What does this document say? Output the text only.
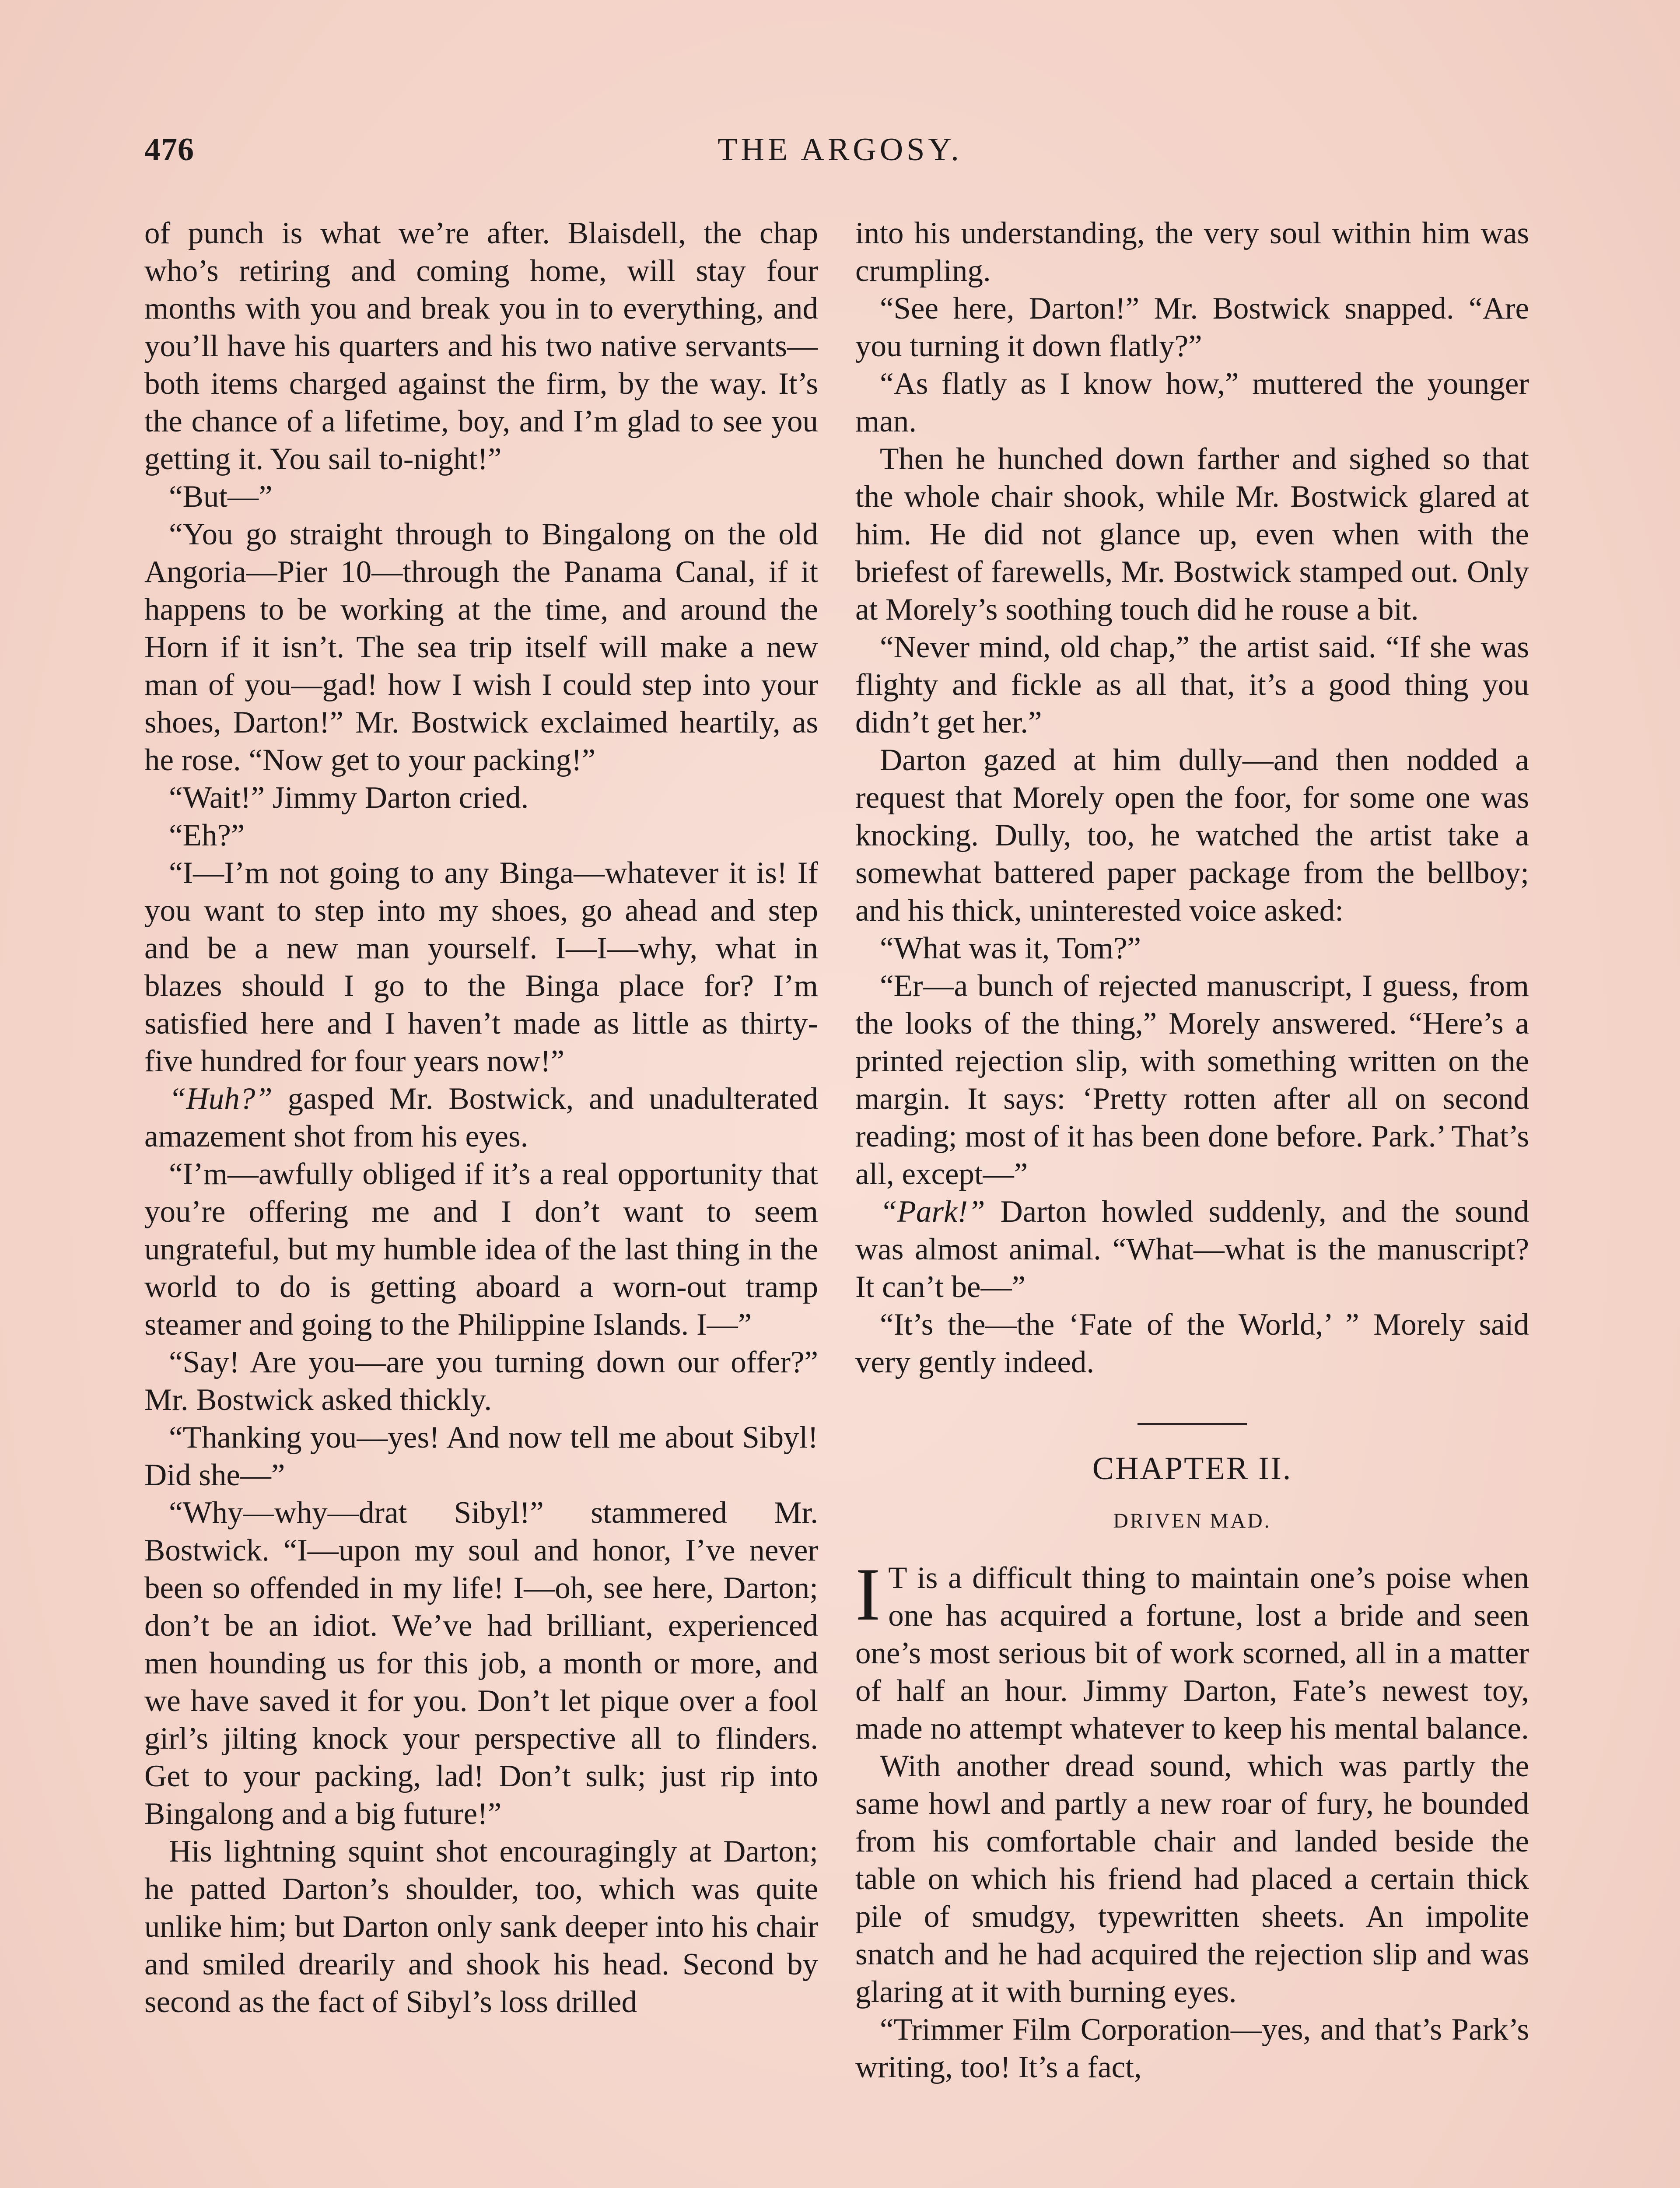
476	THE ARGOSY.

of punch is what we’re after. Blaisdell, the chap who’s retiring and coming home, will stay four months with you and break you in to everything, and you’ll have his quarters and his two native servants—both items charged against the firm, by the way. It’s the chance of a lifetime, boy, and I’m glad to see you getting it. You sail to-night!”

“But—”

“You go straight through to Bingalong on the old Angoria—Pier 10—through the Panama Canal, if it happens to be working at the time, and around the Horn if it isn’t. The sea trip itself will make a new man of you—gad! how I wish I could step into your shoes, Darton!” Mr. Bostwick exclaimed heartily, as he rose. “Now get to your packing!”

“Wait!” Jimmy Darton cried.

“Eh?”

“I—I’m not going to any Binga—whatever it is! If you want to step into my shoes, go ahead and step and be a new man yourself. I—I—why, what in blazes should I go to the Binga place for? I’m satisfied here and I haven’t made as little as thirty-five hundred for four years now!”

“Huh?” gasped Mr. Bostwick, and unadulterated amazement shot from his eyes.

“I’m—awfully obliged if it’s a real opportunity that you’re offering me and I don’t want to seem ungrateful, but my humble idea of the last thing in the world to do is getting aboard a worn-out tramp steamer and going to the Philippine Islands. I—”

“Say! Are you—are you turning down our offer?” Mr. Bostwick asked thickly.

“Thanking you—yes! And now tell me about Sibyl! Did she—”

“Why—why—drat Sibyl!” stammered Mr. Bostwick. “I—upon my soul and honor, I’ve never been so offended in my life! I—oh, see here, Darton; don’t be an idiot. We’ve had brilliant, experienced men hounding us for this job, a month or more, and we have saved it for you. Don’t let pique over a fool girl’s jilting knock your perspective all to flinders. Get to your packing, lad! Don’t sulk; just rip into Bingalong and a big future!”

His lightning squint shot encouragingly at Darton; he patted Darton’s shoulder, too, which was quite unlike him; but Darton only sank deeper into his chair and smiled drearily and shook his head. Second by second as the fact of Sibyl’s loss drilled

into his understanding, the very soul within him was crumpling.

“See here, Darton!” Mr. Bostwick snapped. “Are you turning it down flatly?”

“As flatly as I know how,” muttered the younger man.

Then he hunched down farther and sighed so that the whole chair shook, while Mr. Bostwick glared at him. He did not glance up, even when with the briefest of farewells, Mr. Bostwick stamped out. Only at Morely’s soothing touch did he rouse a bit.

“Never mind, old chap,” the artist said. “If she was flighty and fickle as all that, it’s a good thing you didn’t get her.”

Darton gazed at him dully—and then nodded a request that Morely open the foor, for some one was knocking. Dully, too, he watched the artist take a somewhat battered paper package from the bellboy; and his thick, uninterested voice asked:

“What was it, Tom?”

“Er—a bunch of rejected manuscript, I guess, from the looks of the thing,” Morely answered. “Here’s a printed rejection slip, with something written on the margin. It says: ‘Pretty rotten after all on second reading; most of it has been done before. Park.’ That’s all, except—”

“Park!” Darton howled suddenly, and the sound was almost animal. “What—what is the manuscript? It can’t be—”

“It’s the—the ‘Fate of the World,’ ” Morely said very gently indeed.

CHAPTER II.
DRIVEN MAD.

I T is a difficult thing to maintain one’s poise when one has acquired a fortune, lost a bride and seen one’s most serious bit of work scorned, all in a matter of half an hour. Jimmy Darton, Fate’s newest toy, made no attempt whatever to keep his mental balance.

With another dread sound, which was partly the same howl and partly a new roar of fury, he bounded from his comfortable chair and landed beside the table on which his friend had placed a certain thick pile of smudgy, typewritten sheets. An impolite snatch and he had acquired the rejection slip and was glaring at it with burning eyes.

“Trimmer Film Corporation—yes, and that’s Park’s writing, too! It’s a fact,
